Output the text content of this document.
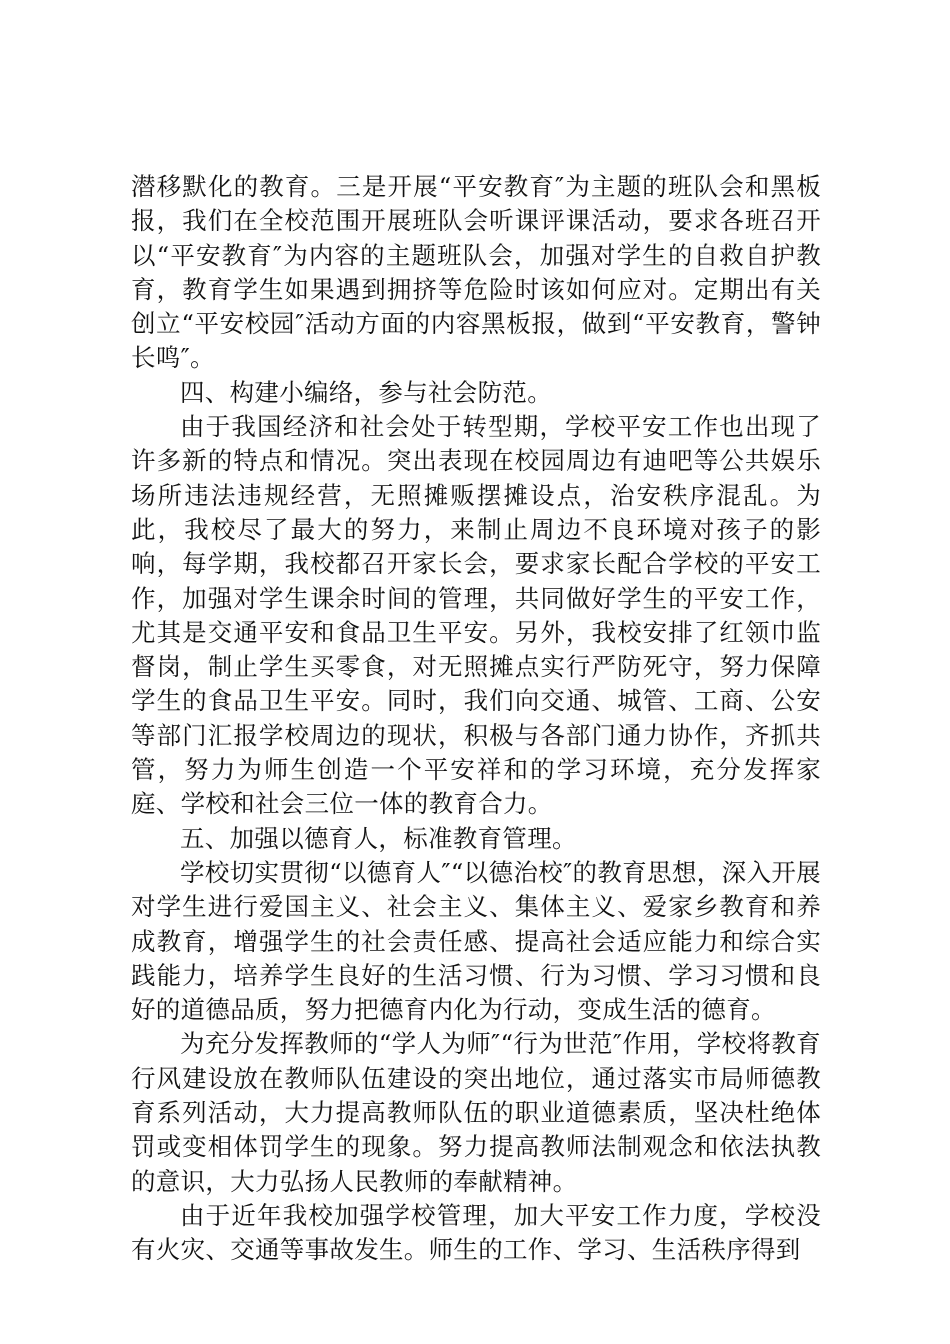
潜移默化的教育。三是开展“平安教育″为主题的班队会和黑板报，我们在全校范围开展班队会听课评课活动，要求各班召开以“平安教育″为内容的主题班队会，加强对学生的自救自护教育，教育学生如果遇到拥挤等危险时该如何应对。定期出有关创立“平安校园″活动方面的内容黑板报，做到“平安教育，警钟长鸣″。

四、构建小编络，参与社会防范。

由于我国经济和社会处于转型期，学校平安工作也出现了许多新的特点和情况。突出表现在校园周边有迪吧等公共娱乐场所违法违规经营，无照摊贩摆摊设点，治安秩序混乱。为此，我校尽了最大的努力，来制止周边不良环境对孩子的影响，每学期，我校都召开家长会，要求家长配合学校的平安工作，加强对学生课余时间的管理，共同做好学生的平安工作，尤其是交通平安和食品卫生平安。另外，我校安排了红领巾监督岗，制止学生买零食，对无照摊点实行严防死守，努力保障学生的食品卫生平安。同时，我们向交通、城管、工商、公安等部门汇报学校周边的现状，积极与各部门通力协作，齐抓共管，努力为师生创造一个平安祥和的学习环境，充分发挥家庭、学校和社会三位一体的教育合力。

五、加强以德育人，标准教育管理。

学校切实贯彻“以德育人″“以德治校″的教育思想，深入开展对学生进行爱国主义、社会主义、集体主义、爱家乡教育和养成教育，增强学生的社会责任感、提高社会适应能力和综合实践能力，培养学生良好的生活习惯、行为习惯、学习习惯和良好的道德品质，努力把德育内化为行动，变成生活的德育。

为充分发挥教师的“学人为师″“行为世范″作用，学校将教育行风建设放在教师队伍建设的突出地位，通过落实市局师德教育系列活动，大力提高教师队伍的职业道德素质，坚决杜绝体罚或变相体罚学生的现象。努力提高教师法制观念和依法执教的意识，大力弘扬人民教师的奉献精神。

由于近年我校加强学校管理，加大平安工作力度，学校没有火灾、交通等事故发生。师生的工作、学习、生活秩序得到
